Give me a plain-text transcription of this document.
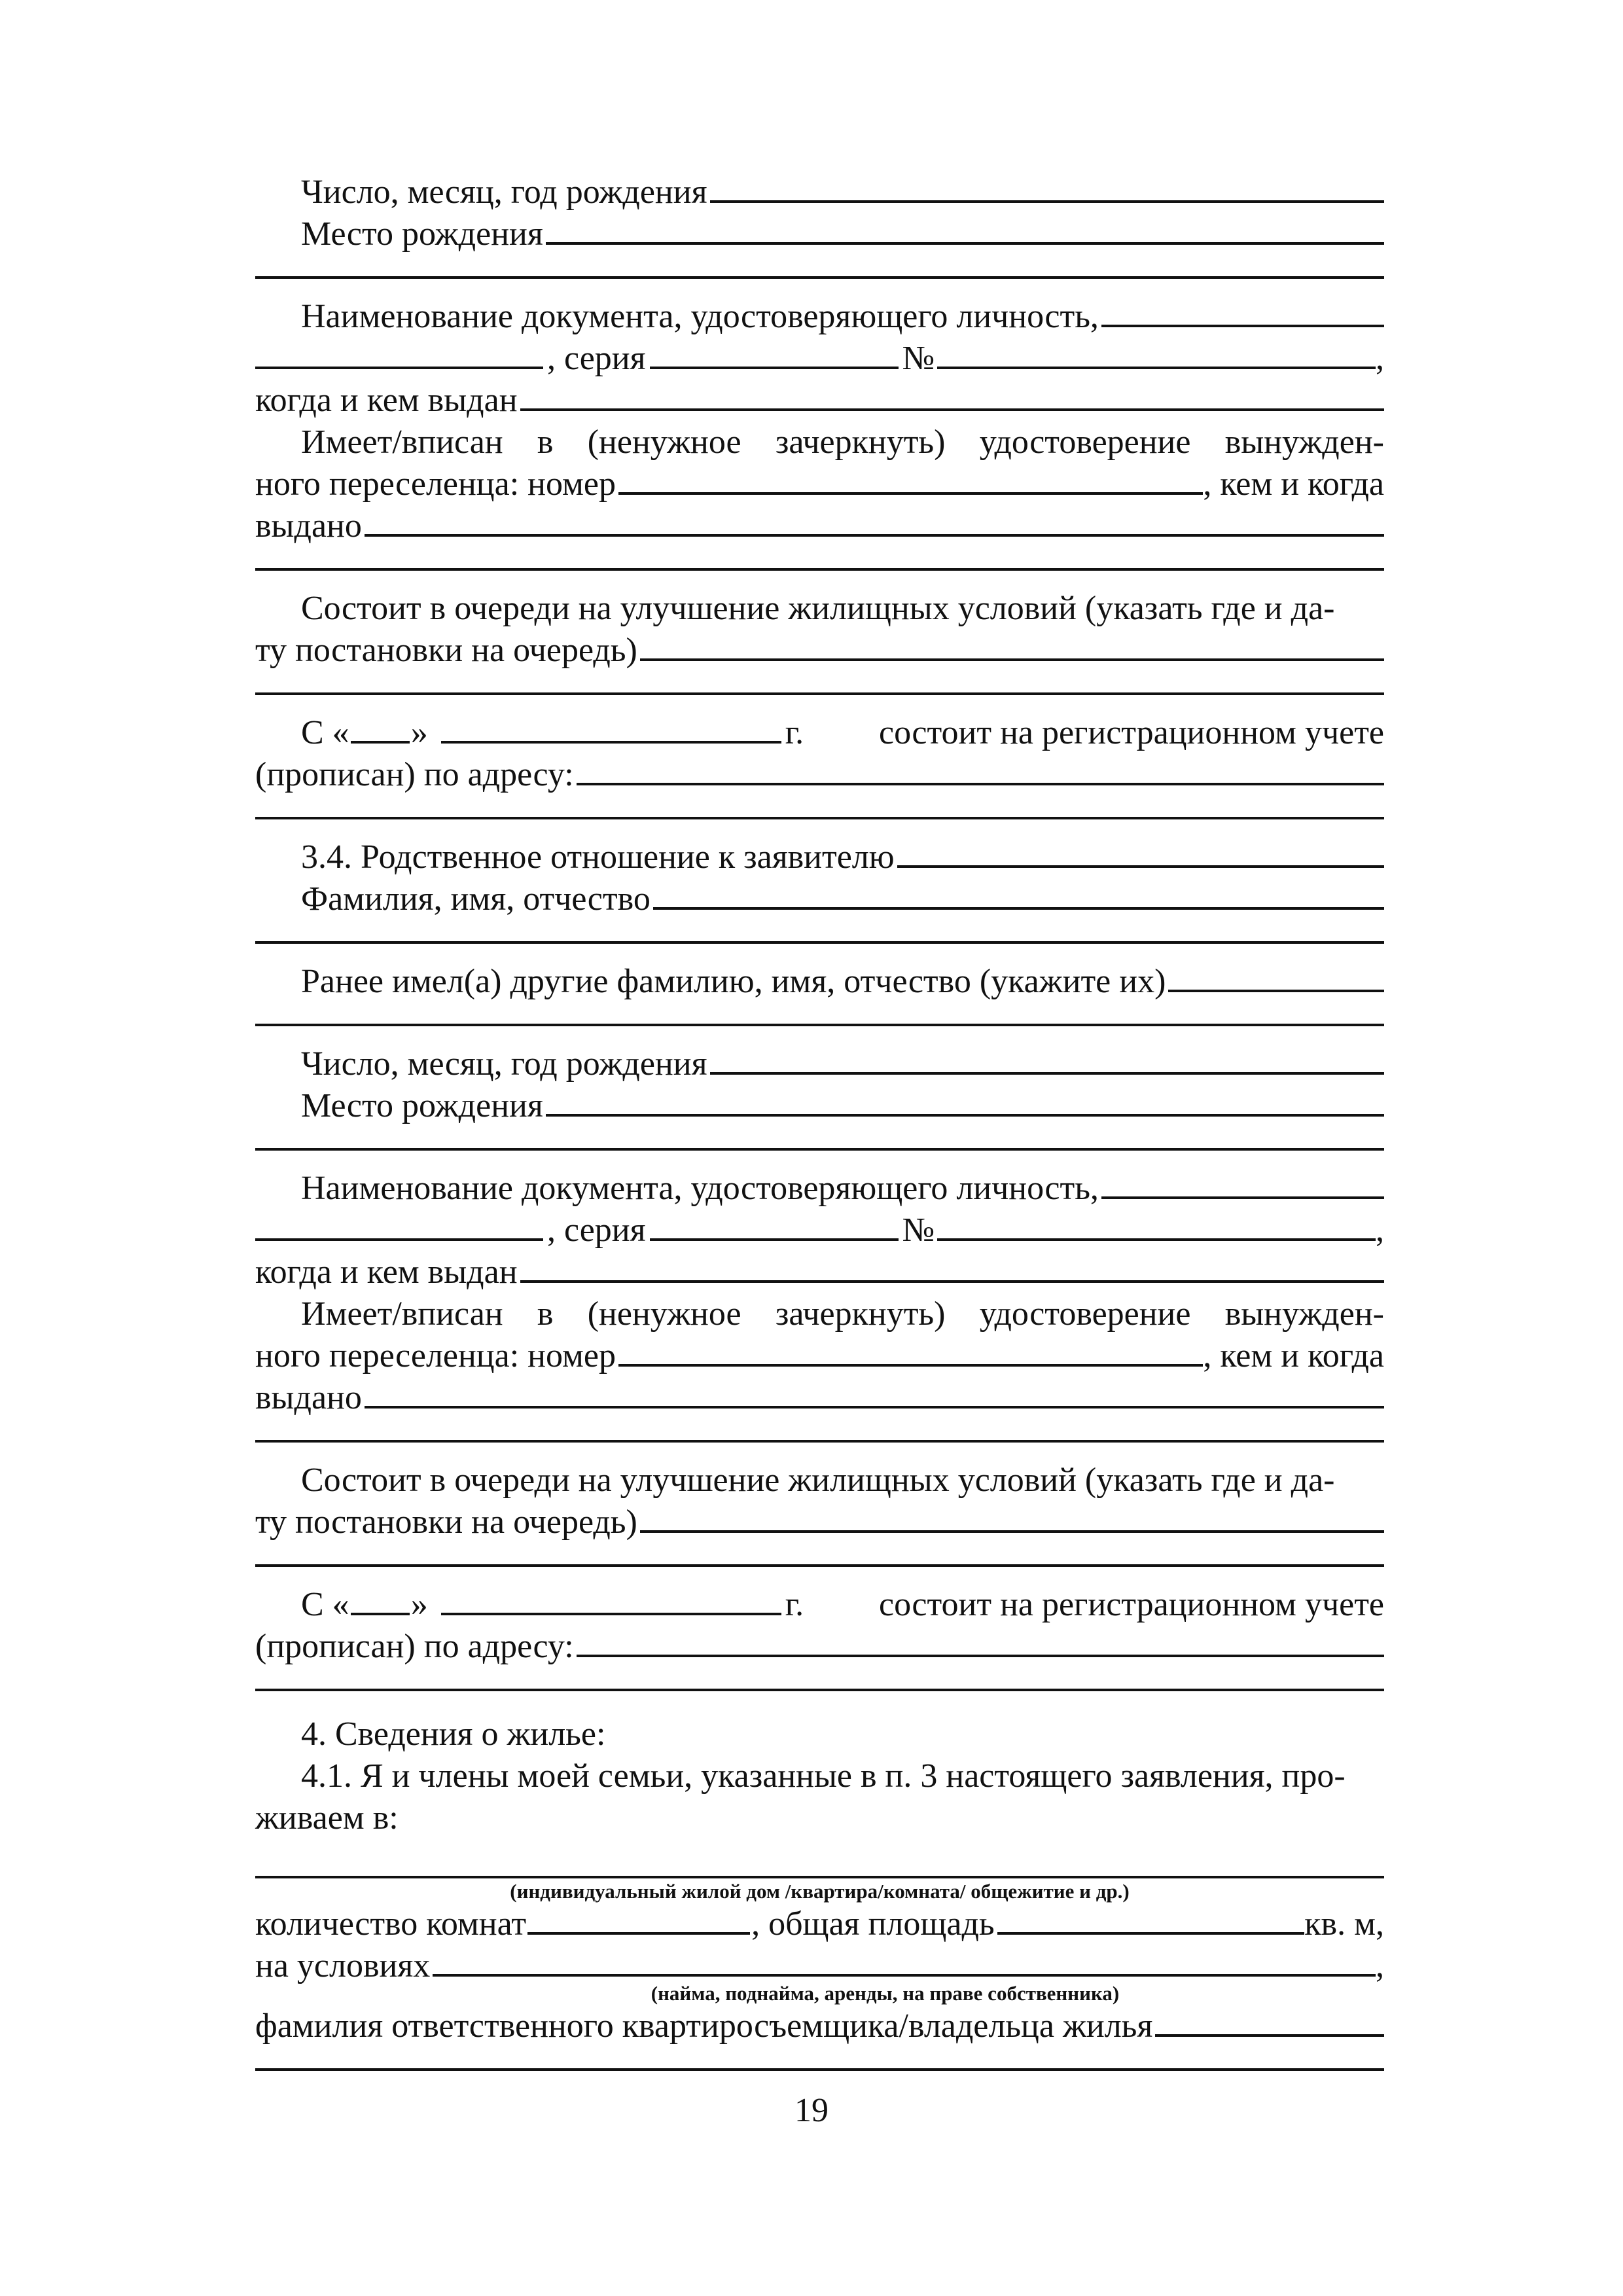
Число, месяц, год рождения
Место рождения
Наименование документа, удостоверяющего личность,
, серия	№	,
когда и кем выдан
Имеет/вписан в (ненужное зачеркнуть) удостоверение вынужден-
ного переселенца: номер	, кем и когда
выдано
Состоит в очереди на улучшение жилищных условий (указать где и да-
ту постановки на очередь)
С « »	г. состоит на регистрационном учете
(прописан) по адресу:
3.4. Родственное отношение к заявителю
Фамилия, имя, отчество
Ранее имел(а) другие фамилию, имя, отчество (укажите их)
Число, месяц, год рождения
Место рождения
Наименование документа, удостоверяющего личность,
, серия	№	,
когда и кем выдан
Имеет/вписан в (ненужное зачеркнуть) удостоверение вынужден-
ного переселенца: номер	, кем и когда
выдано
Состоит в очереди на улучшение жилищных условий (указать где и да-
ту постановки на очередь)
С « »	г. состоит на регистрационном учете
(прописан) по адресу:
4. Сведения о жилье:
4.1. Я и члены моей семьи, указанные в п. 3 настоящего заявления, про-
живаем в:
(индивидуальный жилой дом /квартира/комната/ общежитие и др.)
количество комнат	, общая площадь	кв. м,
на условиях	,
(найма, поднайма, аренды, на праве собственника)
фамилия ответственного квартиросъемщика/владельца жилья
19
